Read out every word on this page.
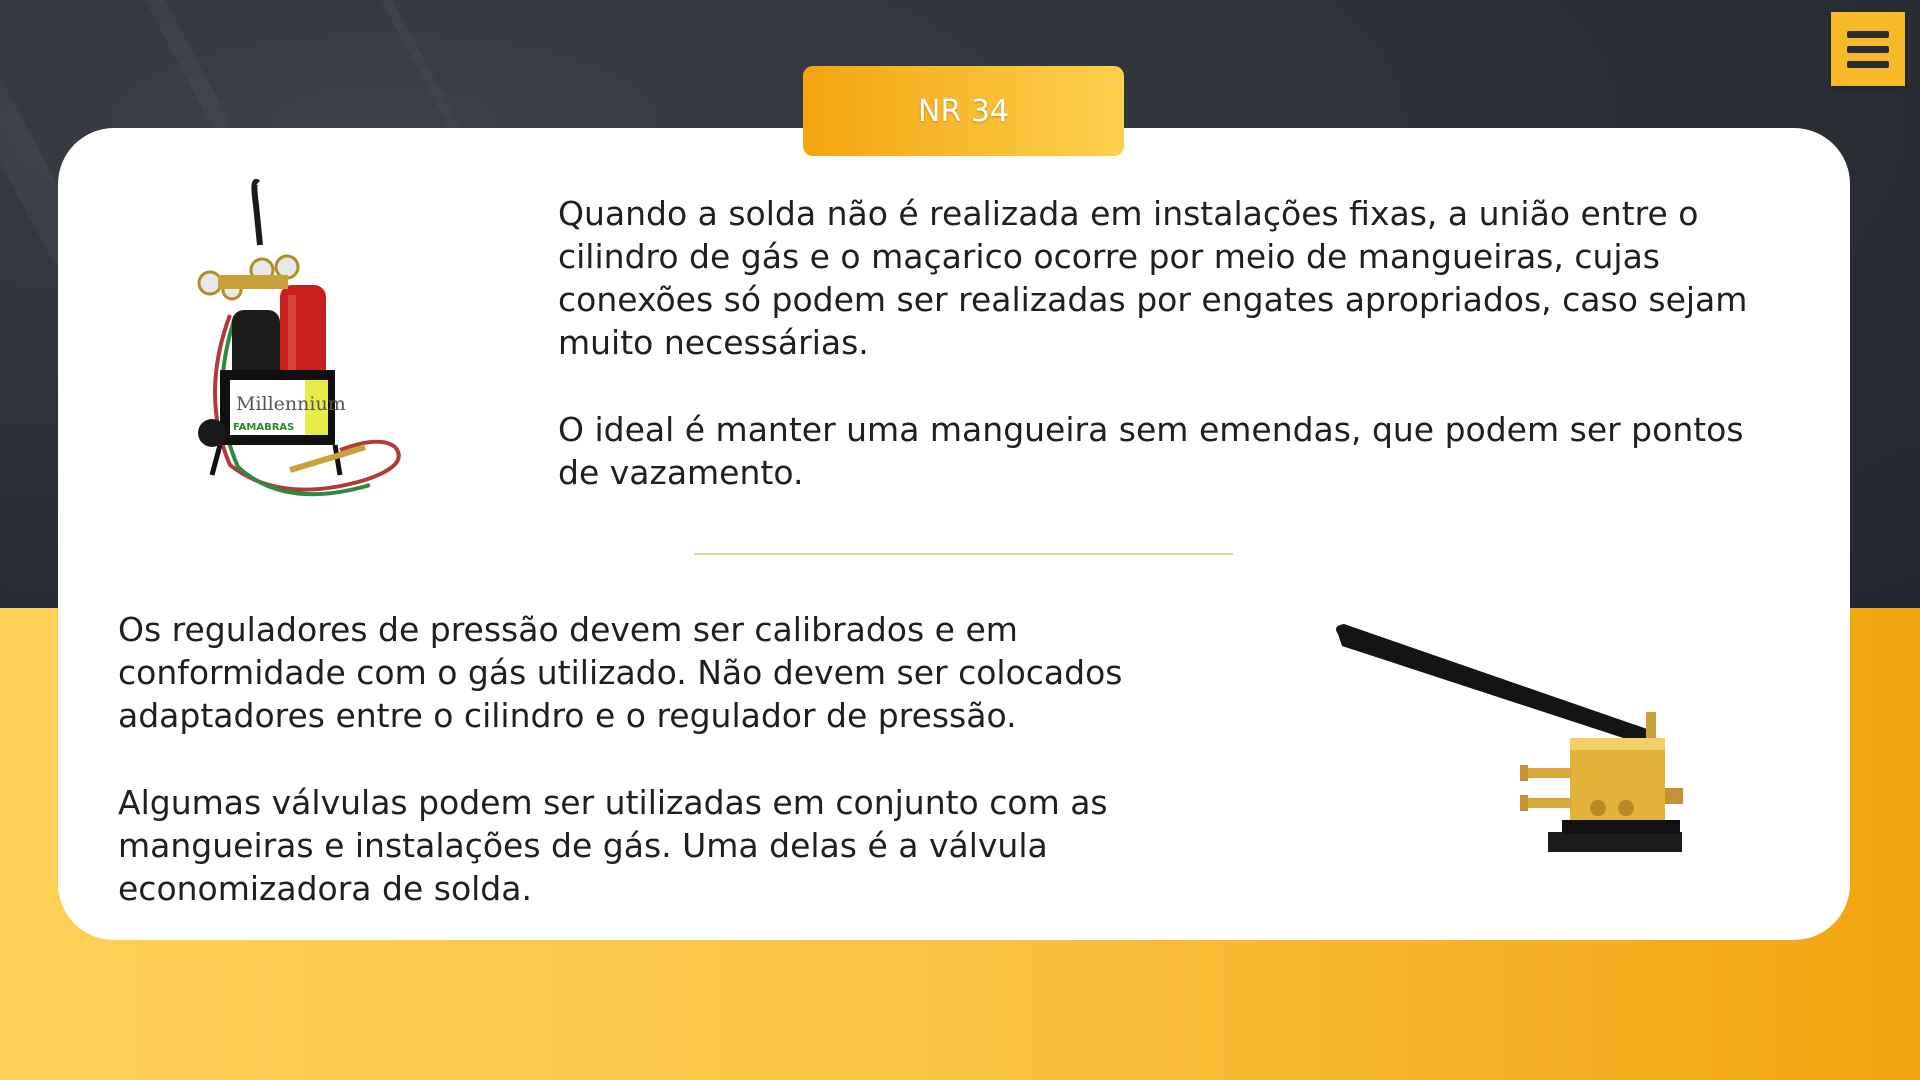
NR 34
Millennium
FAMABRAS

Quando a solda não é realizada em instalações fixas, a união entre o cilindro de gás e o maçarico ocorre por meio de mangueiras, cujas conexões só podem ser realizadas por engates apropriados, caso sejam muito necessárias.

O ideal é manter uma mangueira sem emendas, que podem ser pontos de vazamento.

Os reguladores de pressão devem ser calibrados e em conformidade com o gás utilizado. Não devem ser colocados adaptadores entre o cilindro e o regulador de pressão.

Algumas válvulas podem ser utilizadas em conjunto com as mangueiras e instalações de gás. Uma delas é a válvula economizadora de solda.
